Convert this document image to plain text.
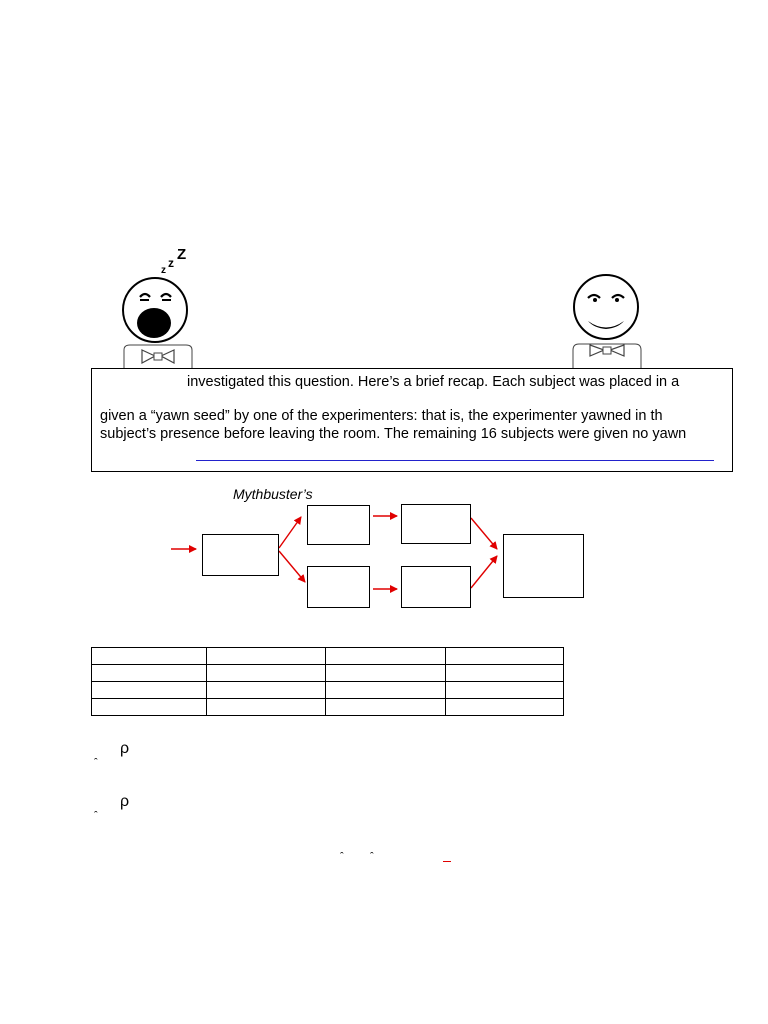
z
z Z
investigated this question. Here’s a brief recap. Each subject was placed in a
given a “yawn seed” by one of the experimenters: that is, the experimenter yawned in th
subject’s presence before leaving the room. The remaining 16 subjects were given no yawn
Mythbuster’s

ρ
ˆ
ρ
ˆ
ˆ ˆ
